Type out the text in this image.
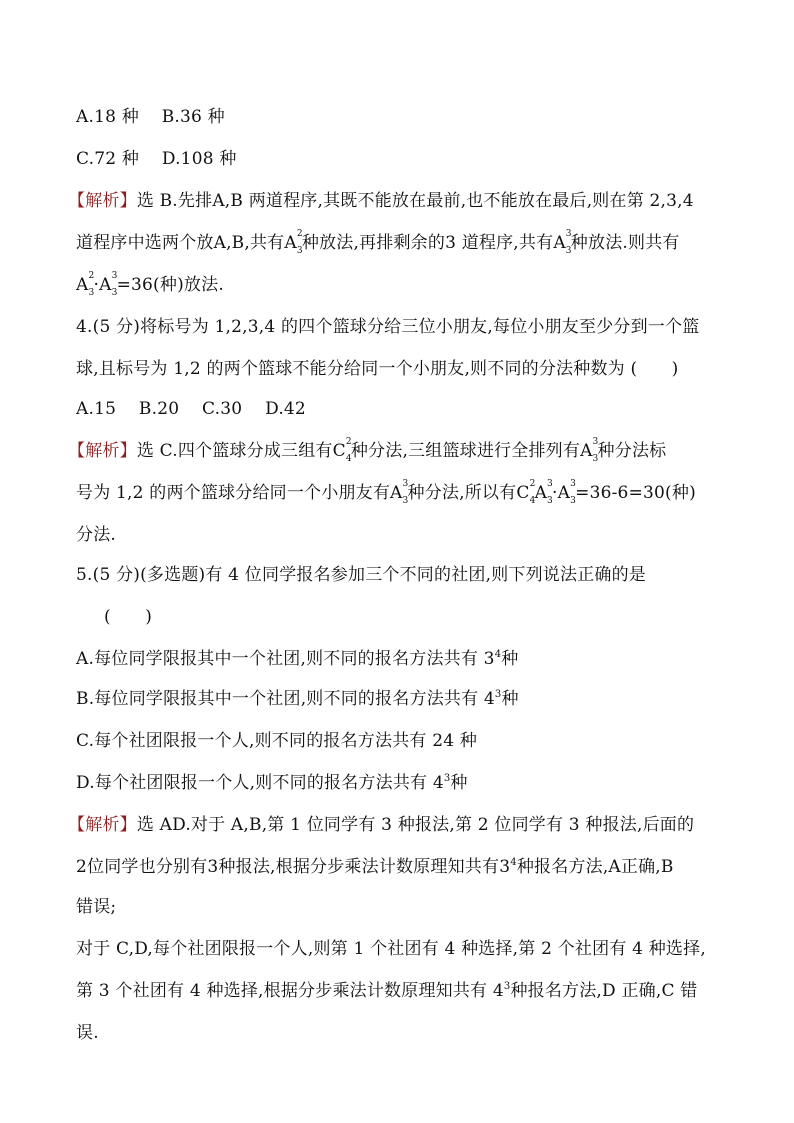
A.18 种　 B.36 种
C.72 种　 D.108 种
【解析】选 B.先排A,B 两道程序,其既不能放在最前,也不能放在最后,则在第 2,3,4
道程序中选两个放A,B,共有A 2
3 种放法,再排剩余的3 道程序,共有A 3
3 种放法.则共有
A 2
3 ·A 3
3 =36(种)放法.
4.(5 分)将标号为 1,2,3,4 的四个篮球分给三位小朋友,每位小朋友至少分到一个篮
球,且标号为 1,2 的两个篮球不能分给同一个小朋友,则不同的分法种数为 (　　)
A.15　 B.20　 C.30　 D.42
【解析】选 C.四个篮球分成三组有C 2
4 种分法,三组篮球进行全排列有A 3
3 种分法标
号为 1,2 的两个篮球分给同一个小朋友有A 3
3 种分法,所以有C 2
4 A 3
3 ·A 3
3 =36-6=30(种)
分法.
5.(5 分)(多选题)有 4 位同学报名参加三个不同的社团,则下列说法正确的是
(　　)
A.每位同学限报其中一个社团,则不同的报名方法共有 $3^4$种
B.每位同学限报其中一个社团,则不同的报名方法共有 $4^3$种
C.每个社团限报一个人,则不同的报名方法共有 24 种
D.每个社团限报一个人,则不同的报名方法共有 $4^3$种
【解析】选 AD.对于 A,B,第 1 位同学有 3 种报法,第 2 位同学有 3 种报法,后面的
2位同学也分别有3种报法,根据分步乘法计数原理知共有$3^4$种报名方法,A正确,B
错误;
对于 C,D,每个社团限报一个人,则第 1 个社团有 4 种选择,第 2 个社团有 4 种选择,
第 3 个社团有 4 种选择,根据分步乘法计数原理知共有 $4^3$种报名方法,D 正确,C 错
误.
